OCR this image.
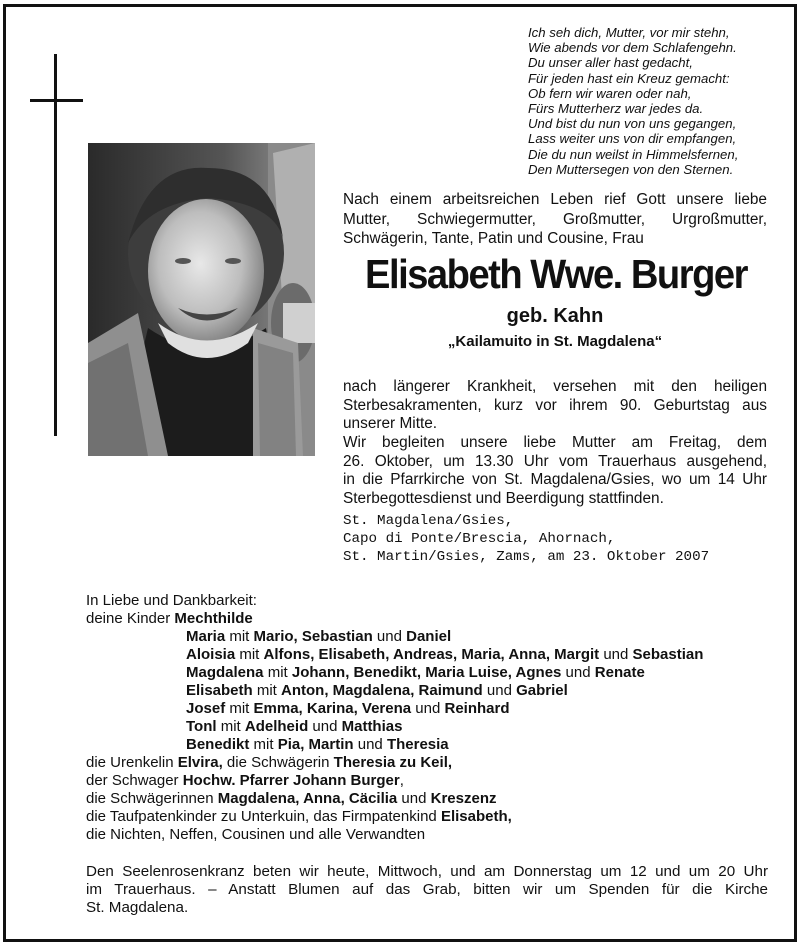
Ich seh dich, Mutter, vor mir stehn,
Wie abends vor dem Schlafengehn.
Du unser aller hast gedacht,
Für jeden hast ein Kreuz gemacht:
Ob fern wir waren oder nah,
Fürs Mutterherz war jedes da.
Und bist du nun von uns gegangen,
Lass weiter uns von dir empfangen,
Die du nun weilst in Himmelsfernen,
Den Muttersegen von den Sternen.
Nach einem arbeitsreichen Leben rief Gott unsere liebe
Mutter, Schwiegermutter, Großmutter, Urgroßmutter,
Schwägerin, Tante, Patin und Cousine, Frau
Elisabeth Wwe. Burger
geb. Kahn
„Kailamuito in St. Magdalena“
nach längerer Krankheit, versehen mit den heiligen
Sterbesakramenten, kurz vor ihrem 90. Geburtstag aus
unserer Mitte.
Wir begleiten unsere liebe Mutter am Freitag, dem
26. Oktober, um 13.30 Uhr vom Trauerhaus ausgehend,
in die Pfarrkirche von St. Magdalena/Gsies, wo um 14 Uhr
Sterbegottesdienst und Beerdigung stattfinden.
St. Magdalena/Gsies,
Capo di Ponte/Brescia, Ahornach,
St. Martin/Gsies, Zams, am 23. Oktober 2007
In Liebe und Dankbarkeit:
deine Kinder Mechthilde
Maria mit Mario, Sebastian und Daniel
Aloisia mit Alfons, Elisabeth, Andreas, Maria, Anna, Margit und Sebastian
Magdalena mit Johann, Benedikt, Maria Luise, Agnes und Renate
Elisabeth mit Anton, Magdalena, Raimund und Gabriel
Josef mit Emma, Karina, Verena und Reinhard
Tonl mit Adelheid und Matthias
Benedikt mit Pia, Martin und Theresia
die Urenkelin Elvira, die Schwägerin Theresia zu Keil,
der Schwager Hochw. Pfarrer Johann Burger,
die Schwägerinnen Magdalena, Anna, Cäcilia und Kreszenz
die Taufpatenkinder zu Unterkuin, das Firmpatenkind Elisabeth,
die Nichten, Neffen, Cousinen und alle Verwandten
Den Seelenrosenkranz beten wir heute, Mittwoch, und am Donnerstag um 12 und um 20 Uhr
im Trauerhaus. – Anstatt Blumen auf das Grab, bitten wir um Spenden für die Kirche
St. Magdalena.
